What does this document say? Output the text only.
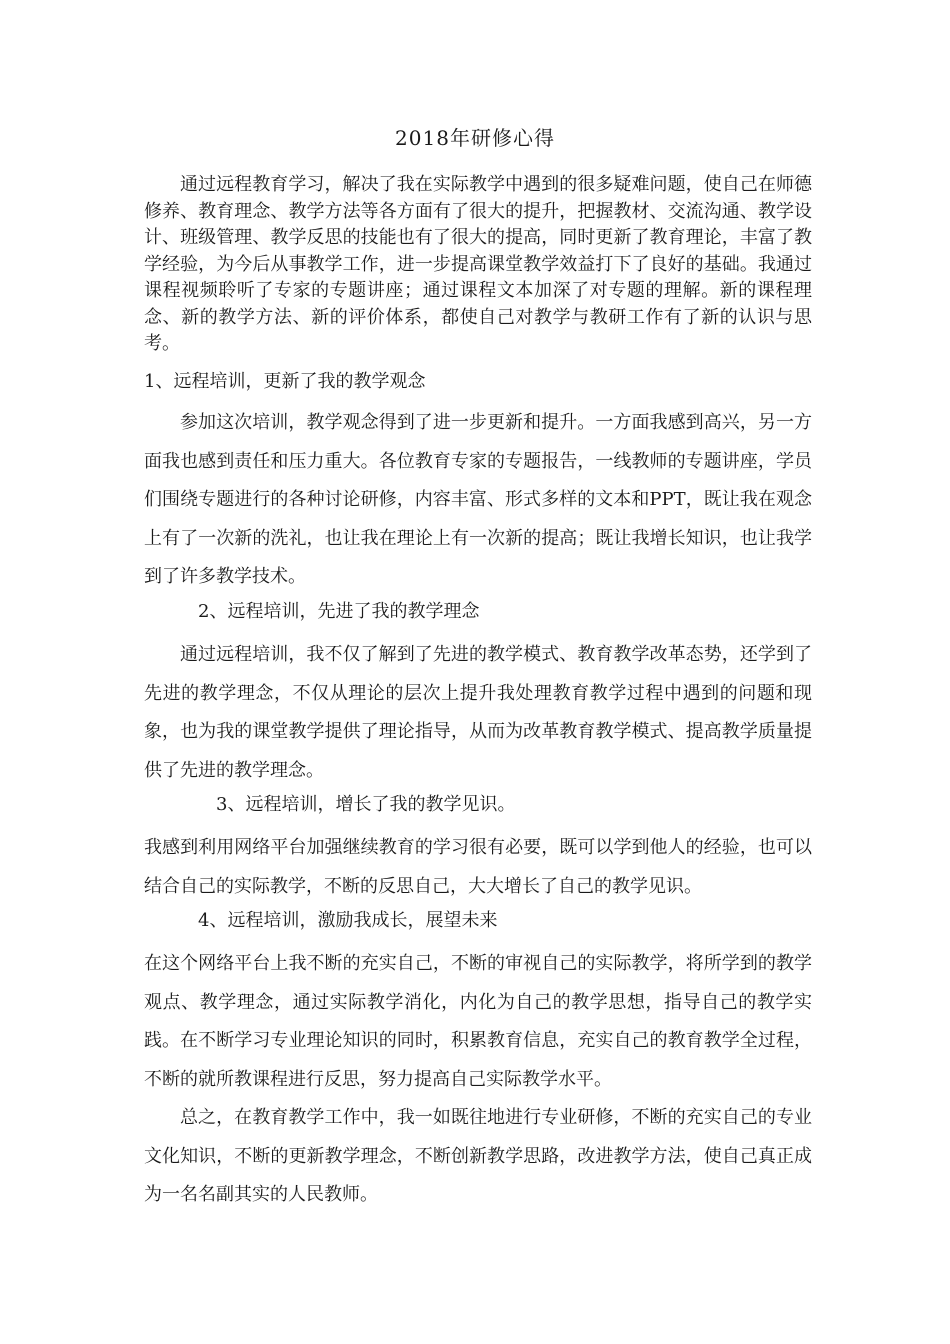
2018年研修心得
通过远程教育学习，解决了我在实际教学中遇到的很多疑难问题，使自己在师德修养、教育理念、教学方法等各方面有了很大的提升，把握教材、交流沟通、教学设计、班级管理、教学反思的技能也有了很大的提高，同时更新了教育理论，丰富了教学经验，为今后从事教学工作，进一步提高课堂教学效益打下了良好的基础。我通过课程视频聆听了专家的专题讲座；通过课程文本加深了对专题的理解。新的课程理念、新的教学方法、新的评价体系，都使自己对教学与教研工作有了新的认识与思考。
1、远程培训，更新了我的教学观念
参加这次培训，教学观念得到了进一步更新和提升。一方面我感到高兴，另一方面我也感到责任和压力重大。各位教育专家的专题报告，一线教师的专题讲座，学员们围绕专题进行的各种讨论研修，内容丰富、形式多样的文本和PPT，既让我在观念上有了一次新的洗礼，也让我在理论上有一次新的提高；既让我增长知识，也让我学到了许多教学技术。
2、远程培训，先进了我的教学理念
通过远程培训，我不仅了解到了先进的教学模式、教育教学改革态势，还学到了先进的教学理念，不仅从理论的层次上提升我处理教育教学过程中遇到的问题和现象，也为我的课堂教学提供了理论指导，从而为改革教育教学模式、提高教学质量提供了先进的教学理念。
3、远程培训，增长了我的教学见识。
我感到利用网络平台加强继续教育的学习很有必要，既可以学到他人的经验，也可以结合自己的实际教学，不断的反思自己，大大增长了自己的教学见识。
4、远程培训，激励我成长，展望未来
在这个网络平台上我不断的充实自己，不断的审视自己的实际教学，将所学到的教学观点、教学理念，通过实际教学消化，内化为自己的教学思想，指导自己的教学实践。在不断学习专业理论知识的同时，积累教育信息，充实自己的教育教学全过程，不断的就所教课程进行反思，努力提高自己实际教学水平。
总之，在教育教学工作中，我一如既往地进行专业研修，不断的充实自己的专业文化知识，不断的更新教学理念，不断创新教学思路，改进教学方法，使自己真正成为一名名副其实的人民教师。
